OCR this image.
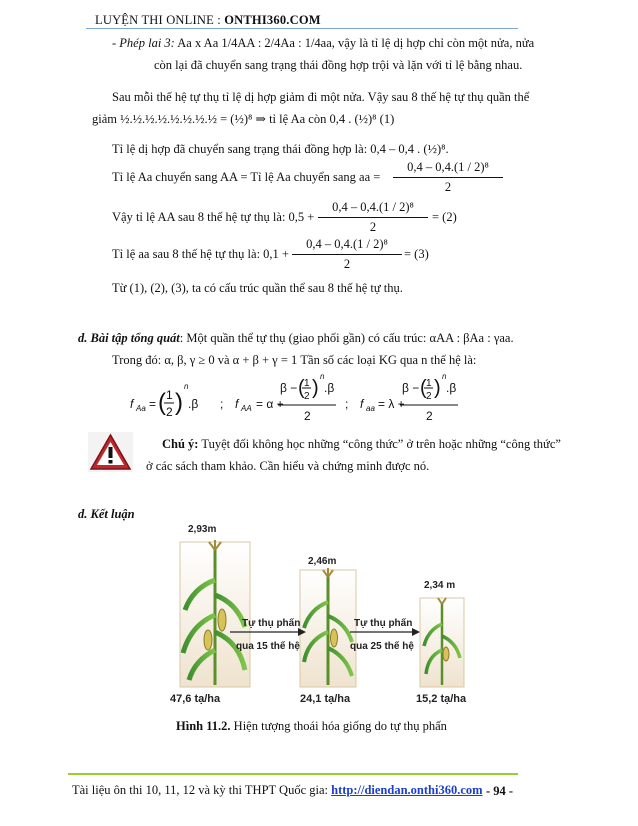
LUYỆN THI ONLINE : ONTHI360.COM
- Phép lai 3: Aa x Aa 1/4AA : 2/4Aa : 1/4aa, vậy là tỉ lệ dị hợp chỉ còn một nửa, nửa
còn lại đã chuyển sang trạng thái đồng hợp trội và lặn với tỉ lệ bằng nhau.
Sau mỗi thế hệ tự thụ tỉ lệ dị hợp giảm đi một nửa. Vậy sau 8 thế hệ tự thụ quần thể
giảm ½.½.½.½.½.½.½.½ = (½)⁸ ⇒ tỉ lệ Aa còn 0,4 . (½)⁸ (1)
Tỉ lệ dị hợp đã chuyển sang trạng thái đồng hợp là: 0,4 – 0,4 . (½)⁸.
Tỉ lệ Aa chuyển sang AA = Tỉ lệ Aa chuyển sang aa =
0,4 – 0,4.(1 / 2)⁸
2
Vậy tỉ lệ AA sau 8 thế hệ tự thụ là: 0,5 +
0,4 – 0,4.(1 / 2)⁸
2
= (2)
Tỉ lệ aa sau 8 thế hệ tự thụ là: 0,1 +
0,4 – 0,4.(1 / 2)⁸
2
= (3)
Từ (1), (2), (3), ta có cấu trúc quần thể sau 8 thế hệ tự thụ.
d. Bài tập tổng quát: Một quần thể tự thụ (giao phối gần) có cấu trúc: αAA : βAa : γaa.
Trong đó: α, β, γ ≥ 0 và α + β + γ = 1 Tần số các loại KG qua n thế hệ là:
f Aa = ( 1
2 )
n
.β ; f AA = α +
β − ( 1
2 )
n
.β
2
; f aa = λ +
β − ( 1
2 )
n
.β
2
Chú ý: Tuyệt đối không học những “công thức” ở trên hoặc những “công thức”
ở các sách tham khảo. Cần hiểu và chứng minh được nó.
d. Kết luận
2,93m
2,46m
2,34 m
Tự thụ phấn
qua 15 thế hệ
Tự thụ phấn
qua 25 thế hệ
47,6 tạ/ha	24,1 tạ/ha	15,2 tạ/ha
Hình 11.2. Hiện tượng thoái hóa giống do tự thụ phấn
Tài liệu ôn thi 10, 11, 12 và kỳ thi THPT Quốc gia: http://diendan.onthi360.com - 94 -
